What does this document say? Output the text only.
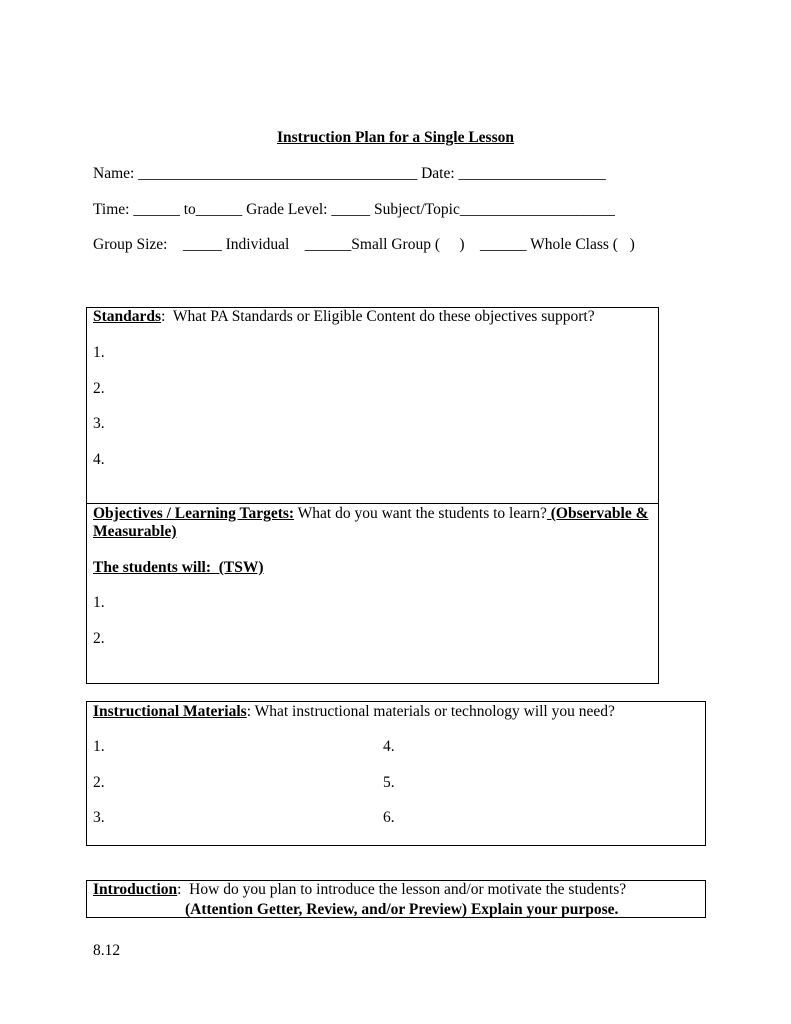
Instruction Plan for a Single Lesson
Name: ____________________________________ Date: ___________________
Time: ______ to______ Grade Level: _____ Subject/Topic____________________
Group Size:    _____ Individual    ______Small Group (     )    ______ Whole Class (   )
Standards:  What PA Standards or Eligible Content do these objectives support?
1.
2.
3.
4.
Objectives / Learning Targets: What do you want the students to learn? (Observable &
Measurable)
The students will:  (TSW)
1.
2.
Instructional Materials: What instructional materials or technology will you need?
1.
2.
3.
4.
5.
6.
Introduction:  How do you plan to introduce the lesson and/or motivate the students?
(Attention Getter, Review, and/or Preview) Explain your purpose.
8.12
